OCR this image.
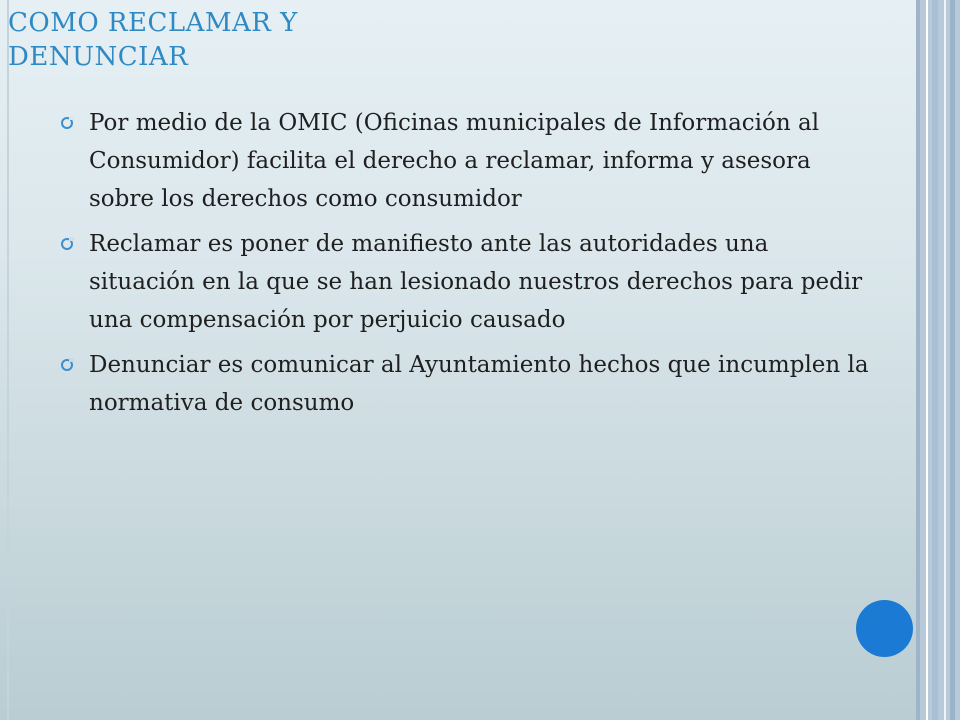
COMO RECLAMAR Y
DENUNCIAR
Por medio de la OMIC (Oficinas municipales de Información al Consumidor) facilita el derecho a reclamar, informa y asesora sobre los derechos como consumidor
Reclamar es poner de manifiesto ante las autoridades una situación en la que se han lesionado nuestros derechos para pedir una compensación por perjuicio causado
Denunciar es comunicar al Ayuntamiento hechos que incumplen la normativa de consumo
